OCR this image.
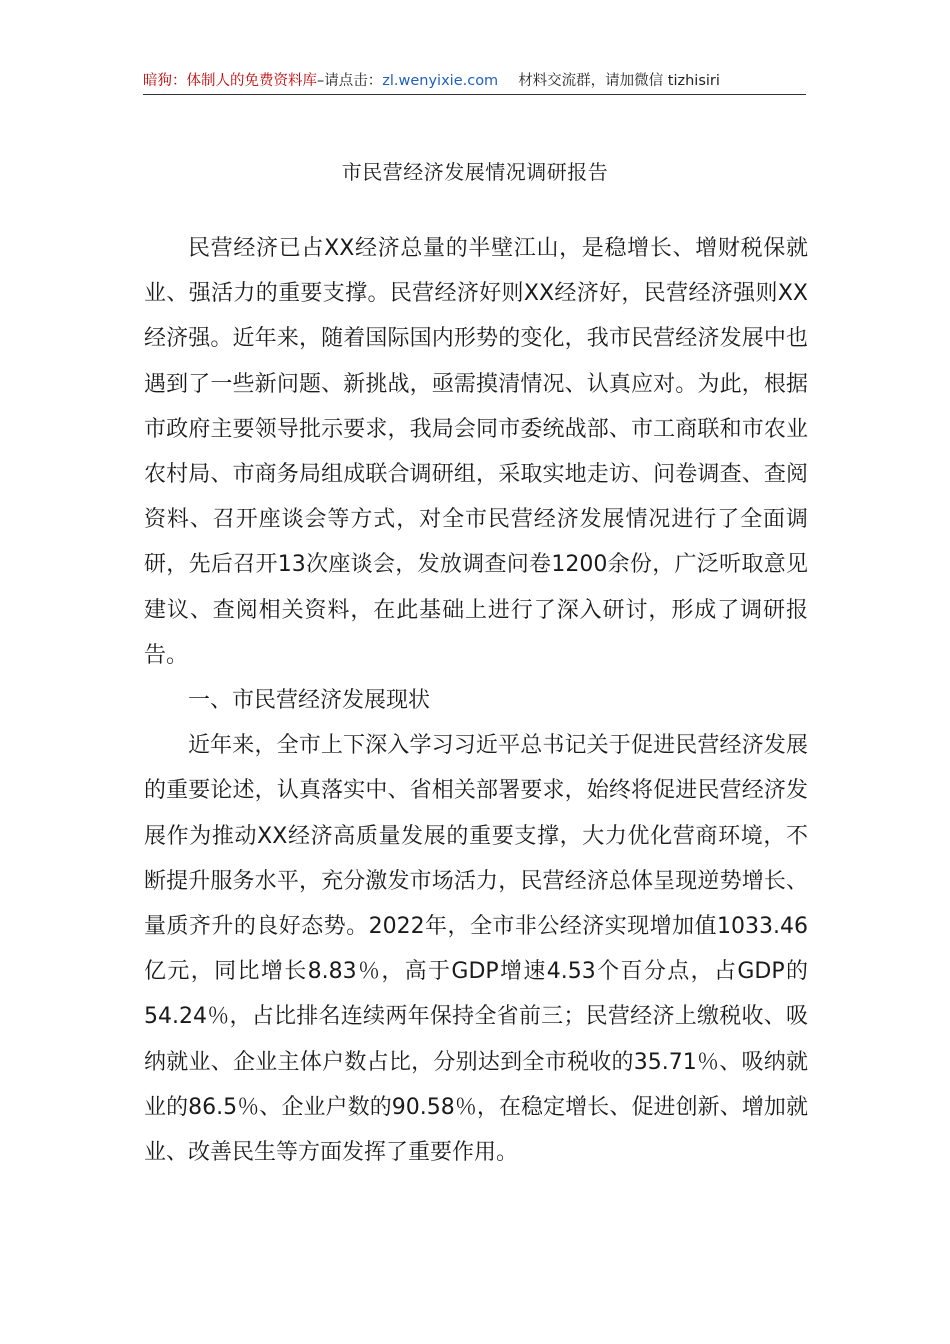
暗狗：体制人的免费资料库–请点击：zl.wenyixie.com 材料交流群，请加微信 tizhisiri
市民营经济发展情况调研报告

民营经济已占XX经济总量的半壁江山，是稳增长、增财税保就业、强活力的重要支撑。民营经济好则XX经济好，民营经济强则XX经济强。近年来，随着国际国内形势的变化，我市民营经济发展中也遇到了一些新问题、新挑战，亟需摸清情况、认真应对。为此，根据市政府主要领导批示要求，我局会同市委统战部、市工商联和市农业农村局、市商务局组成联合调研组，采取实地走访、问卷调查、查阅资料、召开座谈会等方式，对全市民营经济发展情况进行了全面调研，先后召开13次座谈会，发放调查问卷1200余份，广泛听取意见建议、查阅相关资料，在此基础上进行了深入研讨，形成了调研报告。

一、市民营经济发展现状

近年来，全市上下深入学习习近平总书记关于促进民营经济发展的重要论述，认真落实中、省相关部署要求，始终将促进民营经济发展作为推动XX经济高质量发展的重要支撑，大力优化营商环境，不断提升服务水平，充分激发市场活力，民营经济总体呈现逆势增长、量质齐升的良好态势。2022年，全市非公经济实现增加值1033.46亿元，同比增长8.83％，高于GDP增速4.53个百分点，占GDP的54.24％，占比排名连续两年保持全省前三；民营经济上缴税收、吸纳就业、企业主体户数占比，分别达到全市税收的35.71％、吸纳就业的86.5％、企业户数的90.58％，在稳定增长、促进创新、增加就业、改善民生等方面发挥了重要作用。
